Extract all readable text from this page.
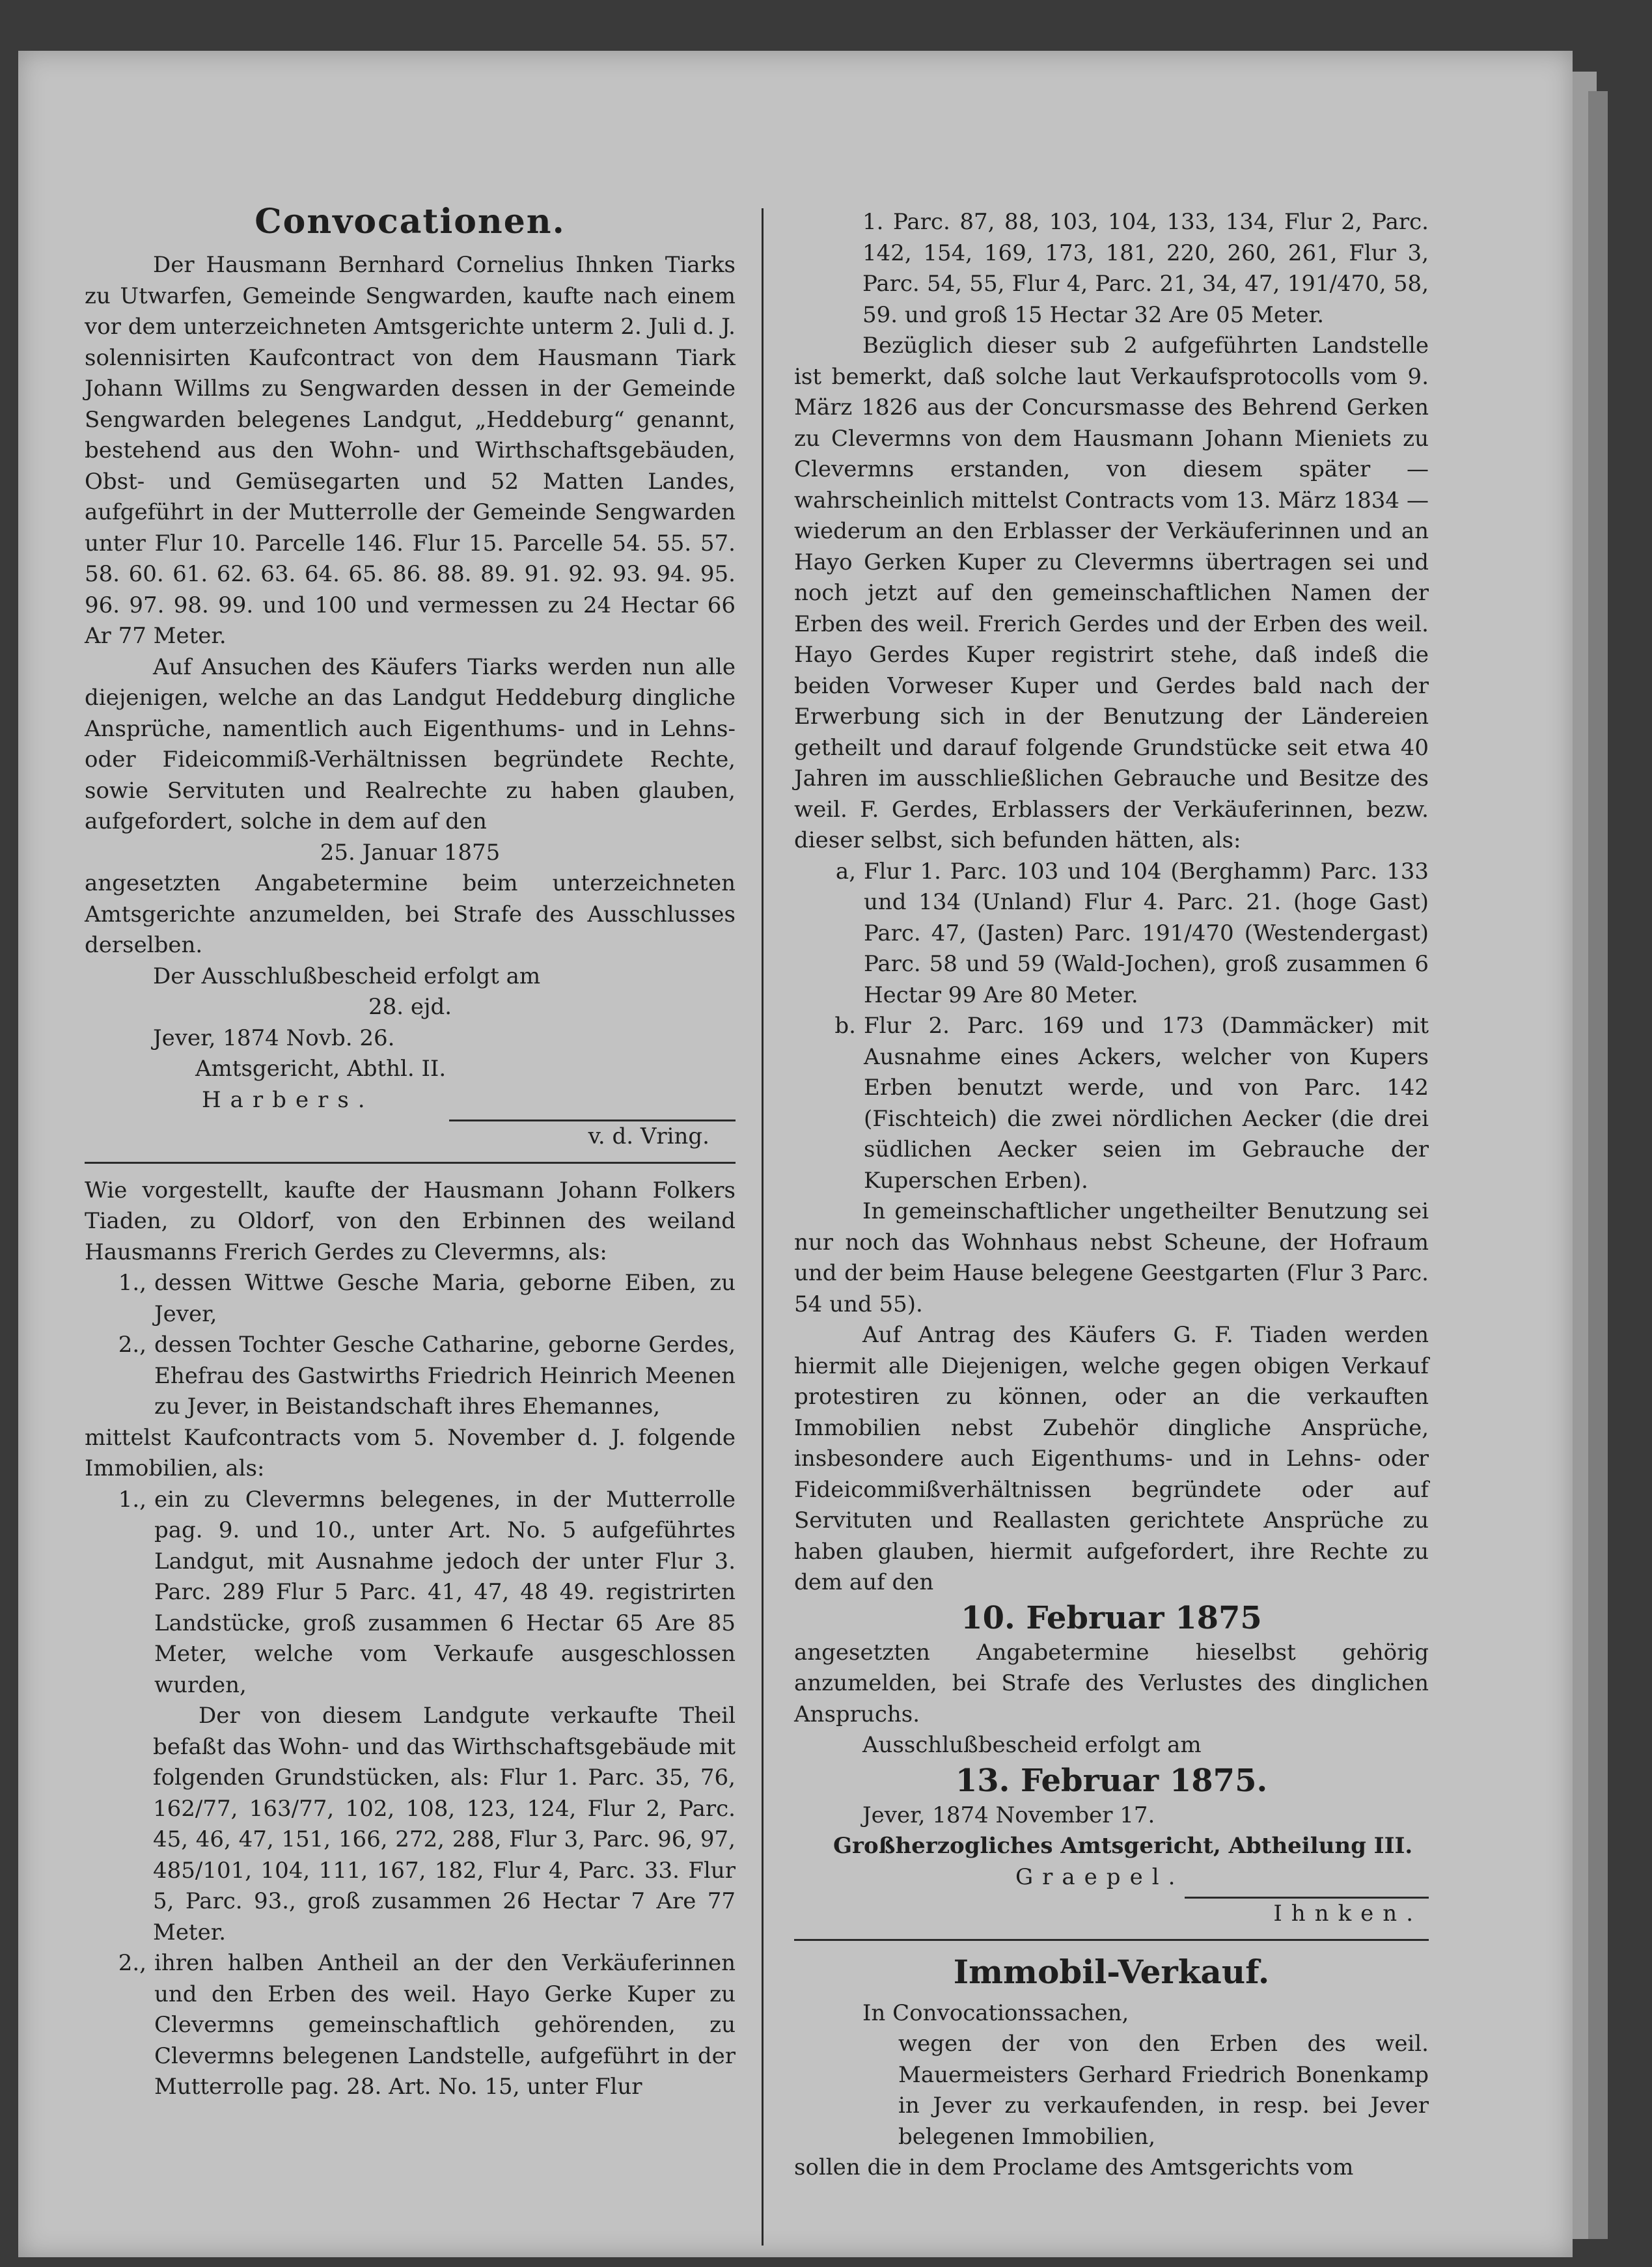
Convocationen.

Der Hausmann Bernhard Cornelius Ihnken Tiarks zu Utwarfen, Gemeinde Sengwarden, kaufte nach einem vor dem unterzeichneten Amtsgerichte unterm 2. Juli d. J. solennisirten Kaufcontract von dem Hausmann Tiark Johann Willms zu Sengwarden dessen in der Gemeinde Sengwarden belegenes Landgut, „Heddeburg“ genannt, bestehend aus den Wohn- und Wirthschaftsgebäuden, Obst- und Gemüsegarten und 52 Matten Landes, aufgeführt in der Mutterrolle der Gemeinde Sengwarden unter Flur 10. Parcelle 146. Flur 15. Parcelle 54. 55. 57. 58. 60. 61. 62. 63. 64. 65. 86. 88. 89. 91. 92. 93. 94. 95. 96. 97. 98. 99. und 100 und vermessen zu 24 Hectar 66 Ar 77 Meter.

Auf Ansuchen des Käufers Tiarks werden nun alle diejenigen, welche an das Landgut Heddeburg dingliche Ansprüche, namentlich auch Eigenthums- und in Lehns- oder Fideicommiß-Verhältnissen begründete Rechte, sowie Servituten und Realrechte zu haben glauben, aufgefordert, solche in dem auf den

25. Januar 1875

angesetzten Angabetermine beim unterzeichneten Amtsgerichte anzumelden, bei Strafe des Ausschlusses derselben.

Der Ausschlußbescheid erfolgt am

28. ejd.

Jever, 1874 Novb. 26.

Amtsgericht, Abthl. II.

Harbers.

v. d. Vring.

Wie vorgestellt, kaufte der Hausmann Johann Folkers Tiaden, zu Oldorf, von den Erbinnen des weiland Hausmanns Frerich Gerdes zu Clevermns, als:

1., dessen Wittwe Gesche Maria, geborne Eiben, zu Jever,
2., dessen Tochter Gesche Catharine, geborne Gerdes, Ehefrau des Gastwirths Friedrich Heinrich Meenen zu Jever, in Beistandschaft ihres Ehemannes,

mittelst Kaufcontracts vom 5. November d. J. folgende Immobilien, als:

1., ein zu Clevermns belegenes, in der Mutterrolle pag. 9. und 10., unter Art. No. 5 aufgeführtes Landgut, mit Ausnahme jedoch der unter Flur 3. Parc. 289 Flur 5 Parc. 41, 47, 48 49. registrirten Landstücke, groß zusammen 6 Hectar 65 Are 85 Meter, welche vom Verkaufe ausgeschlossen wurden,

Der von diesem Landgute verkaufte Theil befaßt das Wohn- und das Wirthschaftsgebäude mit folgenden Grundstücken, als: Flur 1. Parc. 35, 76, 162/77, 163/77, 102, 108, 123, 124, Flur 2, Parc. 45, 46, 47, 151, 166, 272, 288, Flur 3, Parc. 96, 97, 485/101, 104, 111, 167, 182, Flur 4, Parc. 33. Flur 5, Parc. 93., groß zusammen 26 Hectar 7 Are 77 Meter.

2., ihren halben Antheil an der den Verkäuferinnen und den Erben des weil. Hayo Gerke Kuper zu Clevermns gemeinschaftlich gehörenden, zu Clevermns belegenen Landstelle, aufgeführt in der Mutterrolle pag. 28. Art. No. 15, unter Flur

1. Parc. 87, 88, 103, 104, 133, 134, Flur 2, Parc. 142, 154, 169, 173, 181, 220, 260, 261, Flur 3, Parc. 54, 55, Flur 4, Parc. 21, 34, 47, 191/470, 58, 59. und groß 15 Hectar 32 Are 05 Meter.

Bezüglich dieser sub 2 aufgeführten Landstelle ist bemerkt, daß solche laut Verkaufsprotocolls vom 9. März 1826 aus der Concursmasse des Behrend Gerken zu Clevermns von dem Hausmann Johann Mieniets zu Clevermns erstanden, von diesem später — wahrscheinlich mittelst Contracts vom 13. März 1834 — wiederum an den Erblasser der Verkäuferinnen und an Hayo Gerken Kuper zu Clevermns übertragen sei und noch jetzt auf den gemeinschaftlichen Namen der Erben des weil. Frerich Gerdes und der Erben des weil. Hayo Gerdes Kuper registrirt stehe, daß indeß die beiden Vorweser Kuper und Gerdes bald nach der Erwerbung sich in der Benutzung der Ländereien getheilt und darauf folgende Grundstücke seit etwa 40 Jahren im ausschließlichen Gebrauche und Besitze des weil. F. Gerdes, Erblassers der Verkäuferinnen, bezw. dieser selbst, sich befunden hätten, als:

a, Flur 1. Parc. 103 und 104 (Berghamm) Parc. 133 und 134 (Unland) Flur 4. Parc. 21. (hoge Gast) Parc. 47, (Jasten) Parc. 191/470 (Westendergast) Parc. 58 und 59 (Wald-Jochen), groß zusammen 6 Hectar 99 Are 80 Meter.
b. Flur 2. Parc. 169 und 173 (Dammäcker) mit Ausnahme eines Ackers, welcher von Kupers Erben benutzt werde, und von Parc. 142 (Fischteich) die zwei nördlichen Aecker (die drei südlichen Aecker seien im Gebrauche der Kuperschen Erben).

In gemeinschaftlicher ungetheilter Benutzung sei nur noch das Wohnhaus nebst Scheune, der Hofraum und der beim Hause belegene Geestgarten (Flur 3 Parc. 54 und 55).

Auf Antrag des Käufers G. F. Tiaden werden hiermit alle Diejenigen, welche gegen obigen Verkauf protestiren zu können, oder an die verkauften Immobilien nebst Zubehör dingliche Ansprüche, insbesondere auch Eigenthums- und in Lehns- oder Fideicommißverhältnissen begründete oder auf Servituten und Reallasten gerichtete Ansprüche zu haben glauben, hiermit aufgefordert, ihre Rechte zu dem auf den

10. Februar 1875

angesetzten Angabetermine hieselbst gehörig anzumelden, bei Strafe des Verlustes des dinglichen Anspruchs.

Ausschlußbescheid erfolgt am

13. Februar 1875.

Jever, 1874 November 17.

Großherzogliches Amtsgericht, Abtheilung III.

Graepel.

Ihnken.

Immobil-Verkauf.

In Convocationssachen,

wegen der von den Erben des weil. Mauermeisters Gerhard Friedrich Bonenkamp in Jever zu verkaufenden, in resp. bei Jever belegenen Immobilien,

sollen die in dem Proclame des Amtsgerichts vom
